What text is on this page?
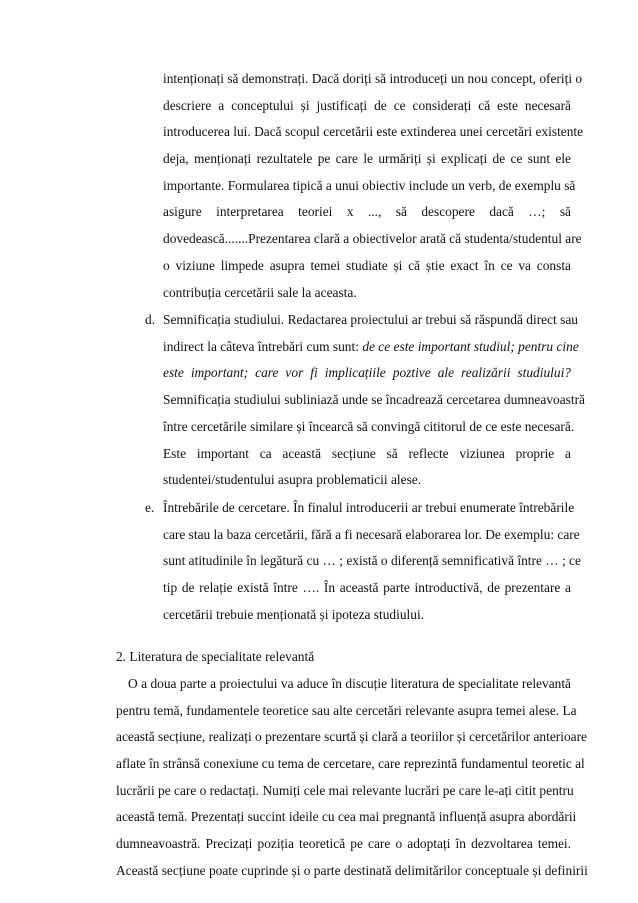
intenționați să demonstrați. Dacă doriți să introduceți un nou concept, oferiți o
descriere a conceptului și justificați de ce considerați că este necesară
introducerea lui. Dacă scopul cercetării este extinderea unei cercetări existente
deja, menționați rezultatele pe care le urmăriți și explicați de ce sunt ele
importante. Formularea tipică a unui obiectiv include un verb, de exemplu să
asigure interpretarea teoriei x ..., să descopere dacă …; să
dovedească.......Prezentarea clară a obiectivelor arată că studenta/studentul are
o viziune limpede asupra temei studiate și că știe exact în ce va consta
contribuția cercetării sale la aceasta.
d. Semnificația studiului. Redactarea proiectului ar trebui să răspundă direct sau
indirect la câteva întrebări cum sunt: de ce este important studiul; pentru cine
este important; care vor fi implicațiile poztive ale realizării studiului?
Semnificația studiului subliniază unde se încadrează cercetarea dumneavoastră
între cercetările similare și încearcă să convingă cititorul de ce este necesară.
Este important ca această secțiune să reflecte viziunea proprie a
studentei/studentului asupra problematicii alese.
e. Întrebările de cercetare. În finalul introducerii ar trebui enumerate întrebările
care stau la baza cercetării, fără a fi necesară elaborarea lor. De exemplu: care
sunt atitudinile în legătură cu … ; există o diferență semnificativă între … ; ce
tip de relație există între …. În această parte introductivă, de prezentare a
cercetării trebuie menționată și ipoteza studiului.
2. Literatura de specialitate relevantă
O a doua parte a proiectului va aduce în discuție literatura de specialitate relevantă
pentru temă, fundamentele teoretice sau alte cercetări relevante asupra temei alese. La
această secțiune, realizați o prezentare scurtă și clară a teoriilor și cercetărilor anterioare
aflate în strânsă conexiune cu tema de cercetare, care reprezintă fundamentul teoretic al
lucrării pe care o redactați. Numiți cele mai relevante lucrări pe care le-ați citit pentru
această temă. Prezentați succint ideile cu cea mai pregnantă influență asupra abordării
dumneavoastră. Precizați poziția teoretică pe care o adoptați în dezvoltarea temei.
Această secțiune poate cuprinde și o parte destinată delimitărilor conceptuale și definirii
